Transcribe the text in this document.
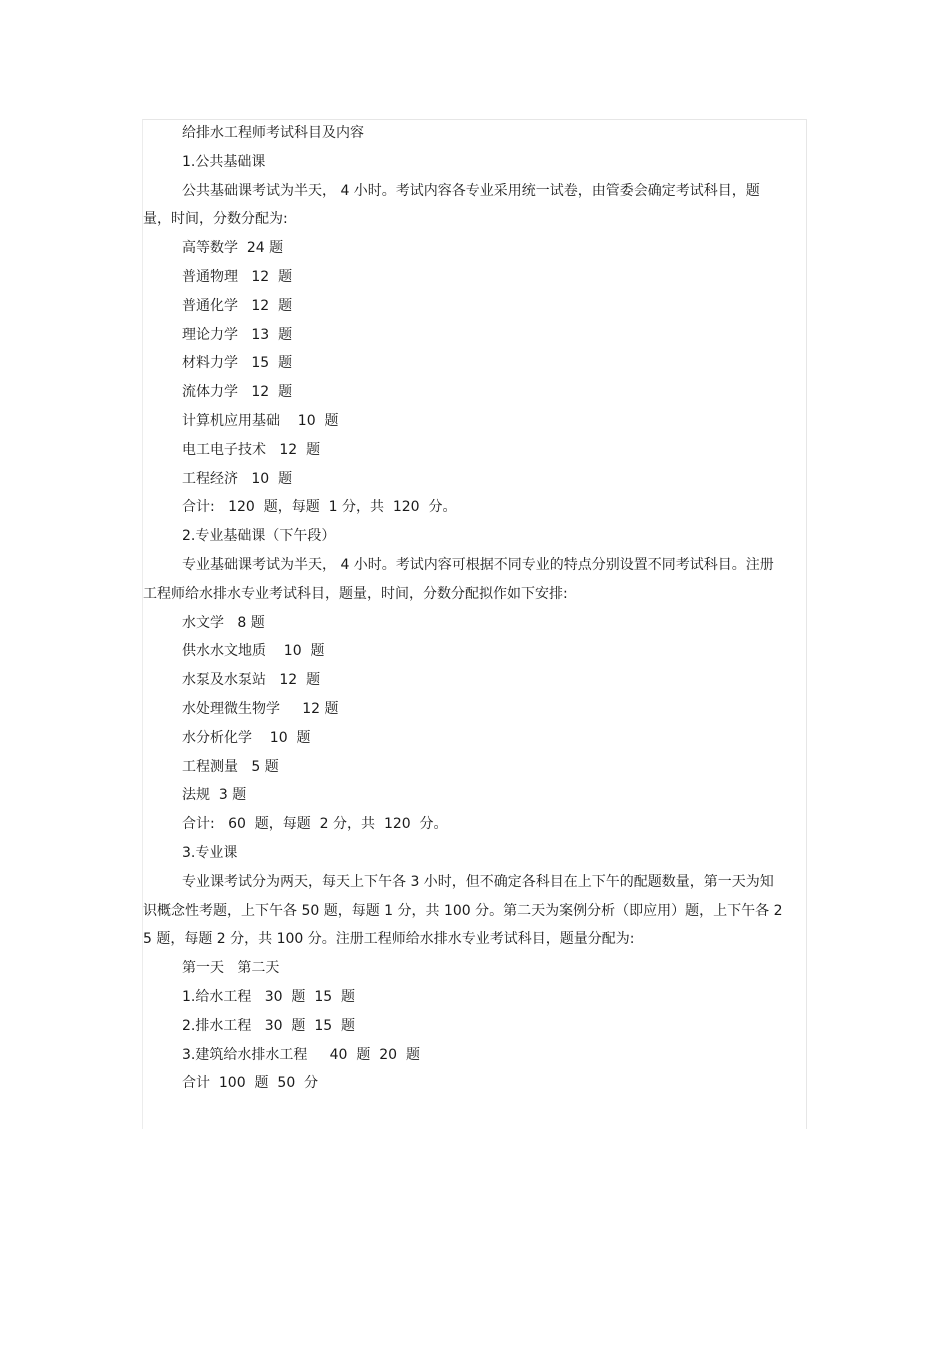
给排水工程师考试科目及内容

1.公共基础课

公共基础课考试为半天， 4 小时。考试内容各专业采用统一试卷，由管委会确定考试科目，题量，时间，分数分配为:

高等数学  24 题

普通物理   12  题

普通化学   12  题

理论力学   13  题

材料力学   15  题

流体力学   12  题

计算机应用基础    10  题

电工电子技术   12  题

工程经济   10  题

合计:   120  题，每题  1 分，共  120  分。

2.专业基础课（下午段）

专业基础课考试为半天， 4 小时。考试内容可根据不同专业的特点分别设置不同考试科目。注册工程师给水排水专业考试科目，题量，时间，分数分配拟作如下安排:

水文学   8 题

供水水文地质    10  题

水泵及水泵站   12  题

水处理微生物学     12 题

水分析化学    10  题

工程测量   5 题

法规  3 题

合计:   60  题，每题  2 分，共  120  分。

3.专业课

专业课考试分为两天，每天上下午各 3 小时，但不确定各科目在上下午的配题数量，第一天为知识概念性考题，上下午各 50 题，每题 1 分，共 100 分。第二天为案例分析（即应用）题，上下午各 25 题，每题 2 分，共 100 分。注册工程师给水排水专业考试科目，题量分配为:

第一天   第二天

1.给水工程   30  题  15  题

2.排水工程   30  题  15  题

3.建筑给水排水工程     40  题  20  题

合计  100  题  50  分
